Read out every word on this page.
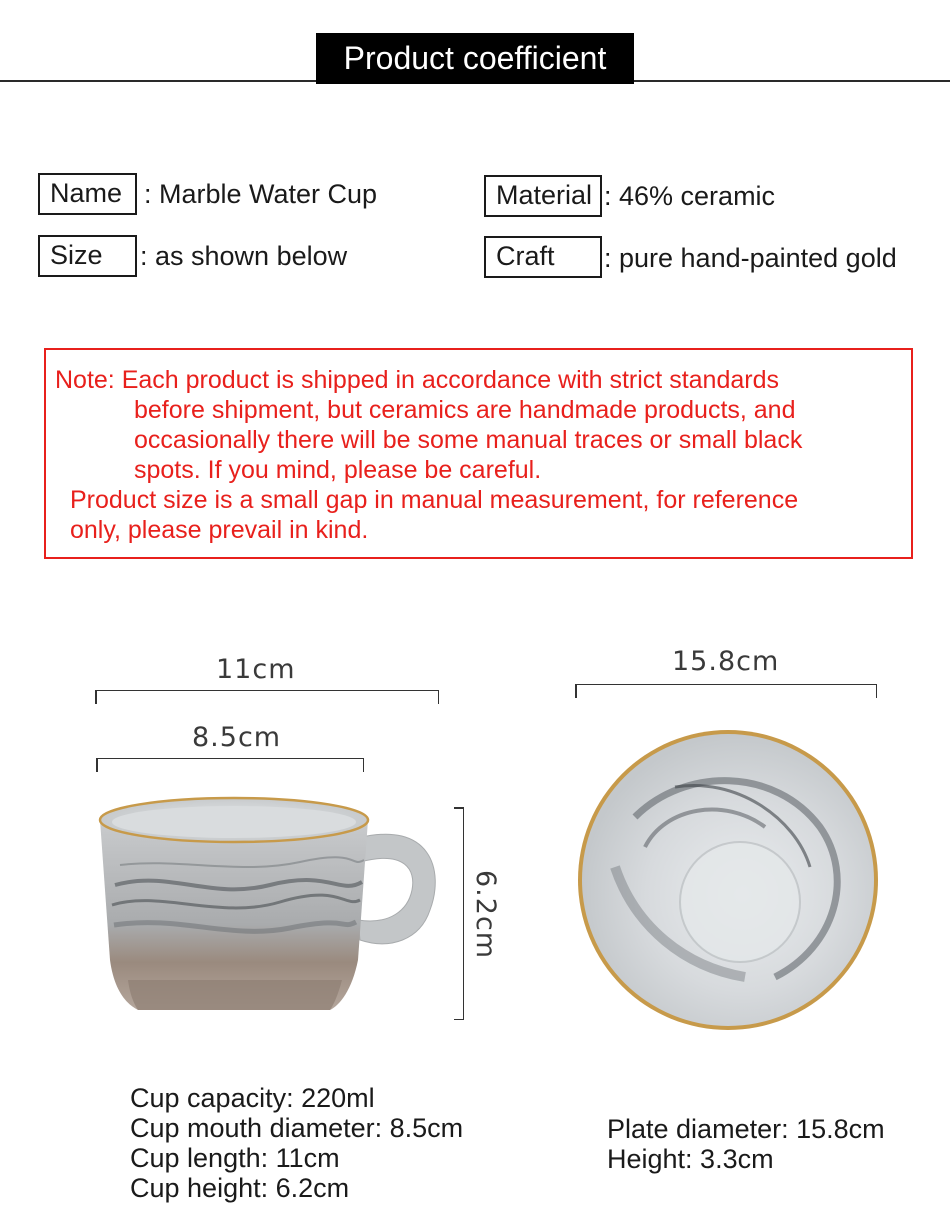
Product coefficient
Name : Marble Water Cup
Size	: as shown below
Material : 46% ceramic
Craft	: pure hand-painted gold
Note: Each product is shipped in accordance with strict standards
before shipment, but ceramics are handmade products, and
occasionally there will be some manual traces or small black
spots. If you mind, please be careful.
Product size is a small gap in manual measurement, for reference
only, please prevail in kind.
11cm
8.5cm
6.2cm
15.8cm
Cup capacity: 220ml
Cup mouth diameter: 8.5cm
Cup length: 11cm
Cup height: 6.2cm
Plate diameter: 15.8cm
Height: 3.3cm
